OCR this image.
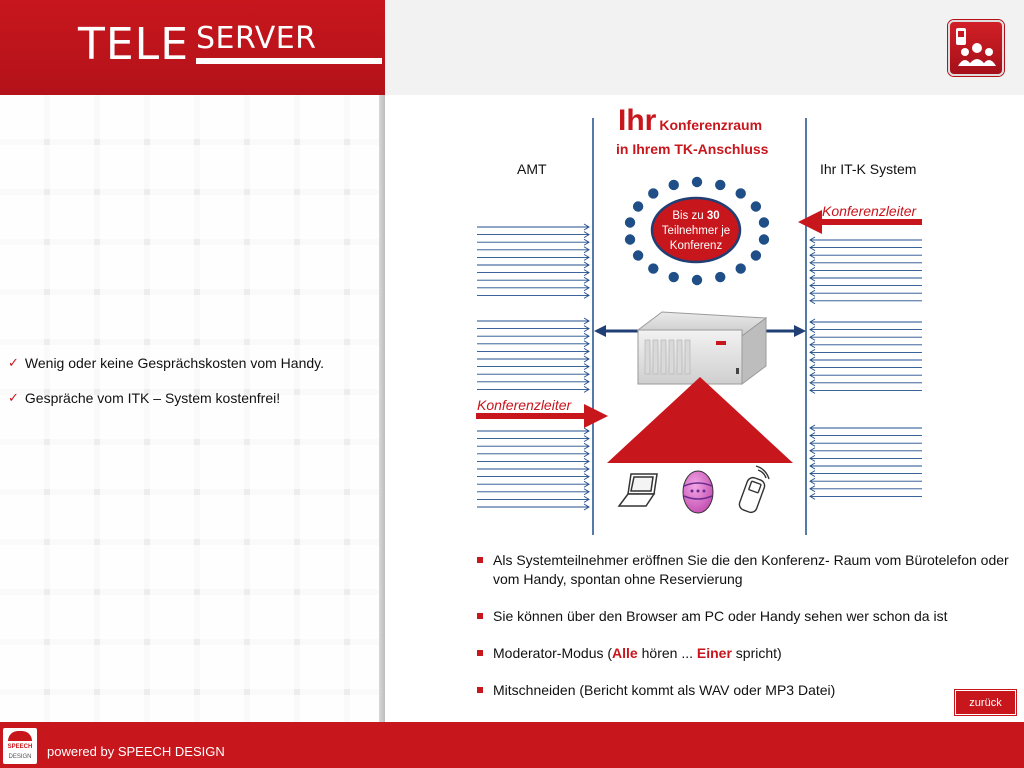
TELE SERVER
✓ Wenig oder keine Gesprächskosten vom Handy.
✓ Gespräche vom ITK – System kostenfrei!
Ihr Konferenzraum
in Ihrem TK-Anschluss
AMT	Ihr IT-K System
Bis zu 30
Teilnehmer je
Konferenz
Konferenzleiter
Konferenzleiter
Als Systemteilnehmer eröffnen Sie die den Konferenz- Raum vom Bürotelefon oder vom Handy, spontan ohne Reservierung
Sie können über den Browser am PC oder Handy sehen wer schon da ist
Moderator-Modus (Alle hören ... Einer spricht)
Mitschneiden (Bericht kommt als WAV oder MP3 Datei)
zurück
SPEECH
DESIGN	powered by SPEECH DESIGN
